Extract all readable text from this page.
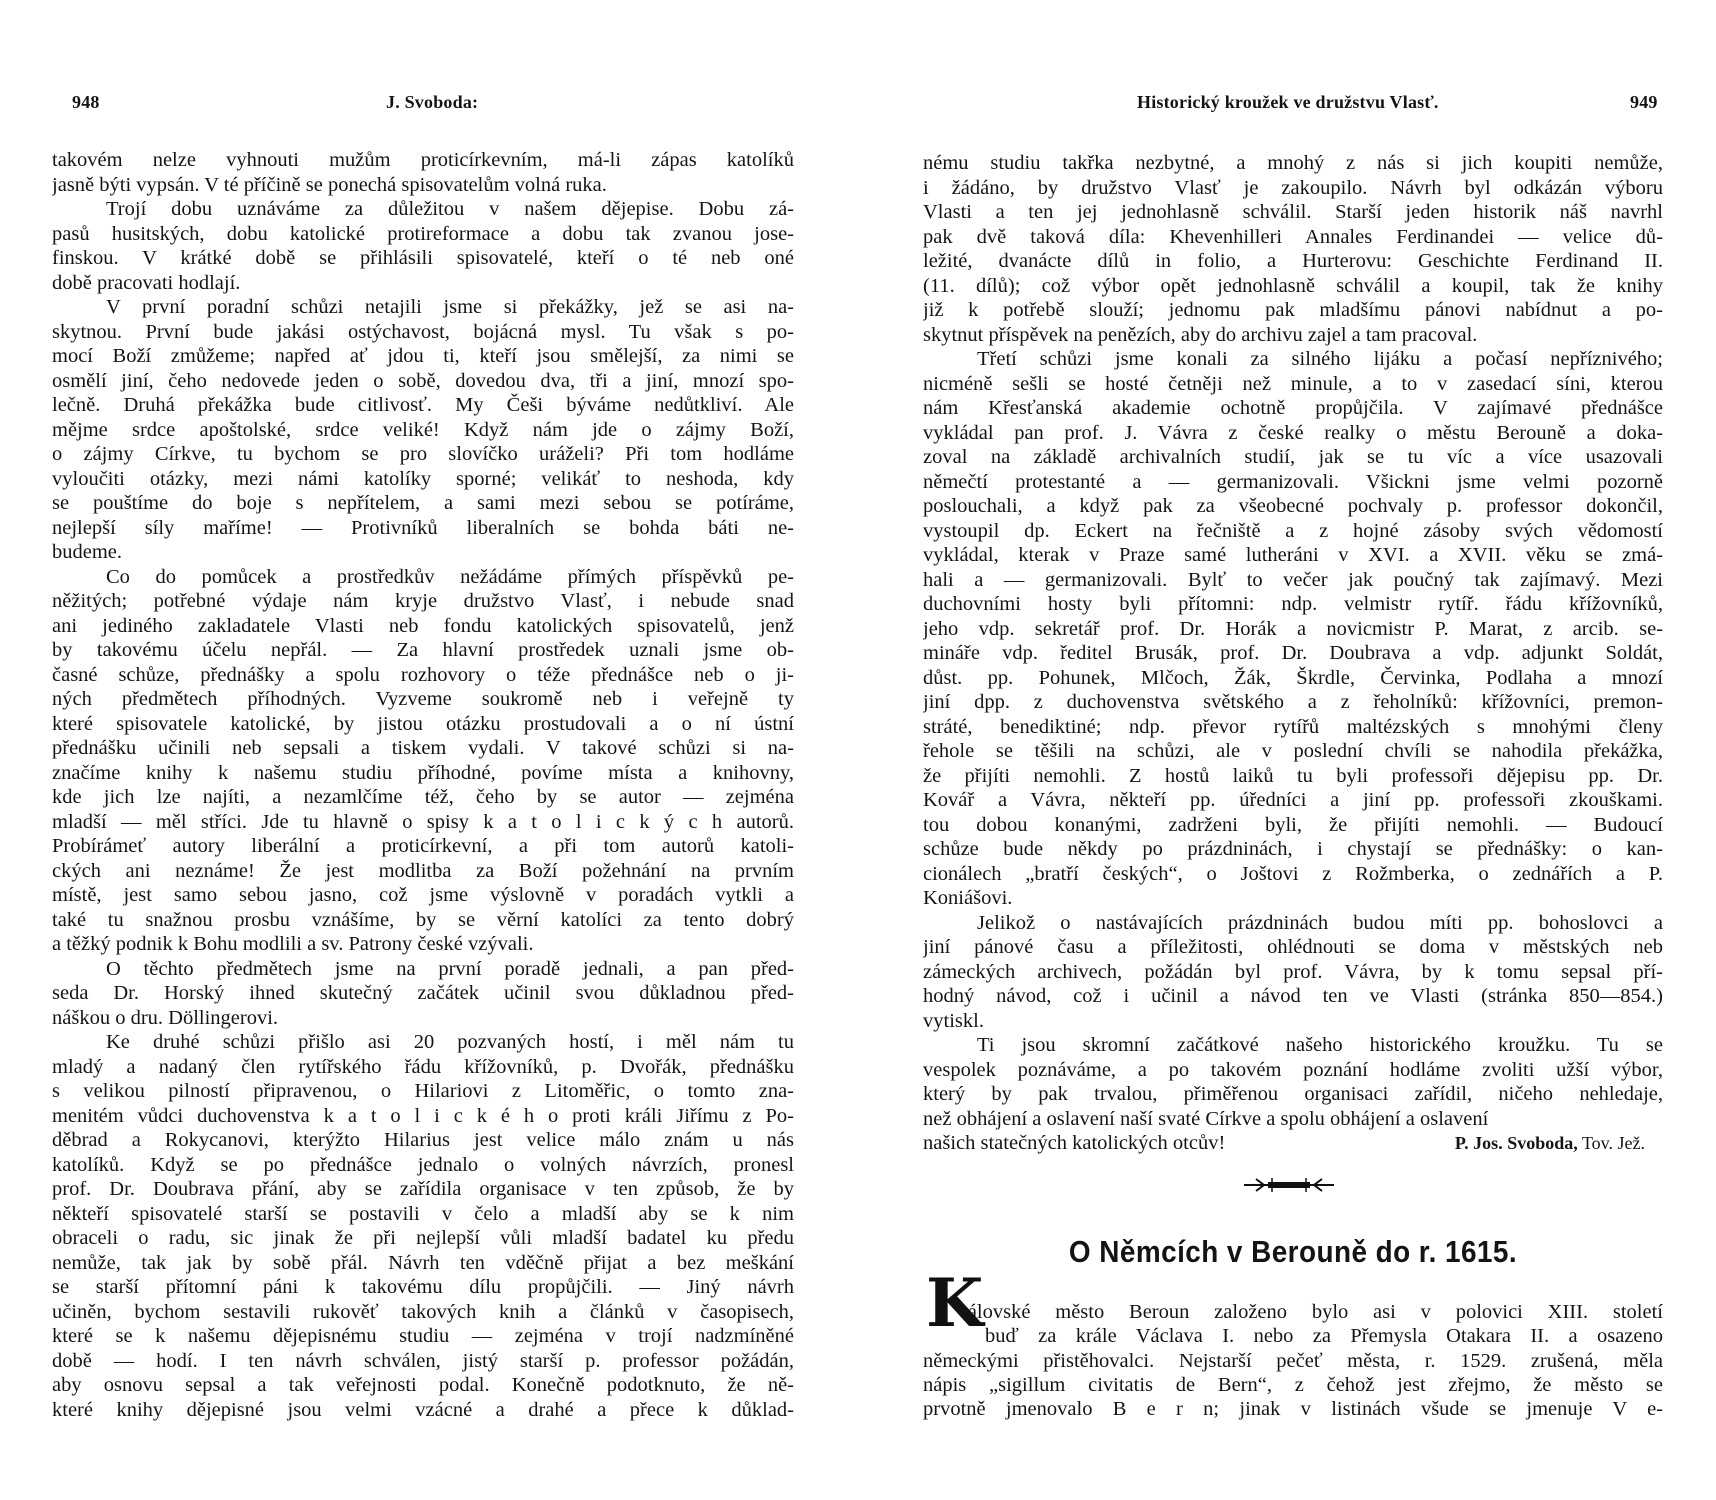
948	J. Svoboda:	Historický kroužek ve družstvu Vlasť.	949
takovém nelze vyhnouti mužům proticírkevním, má-li zápas katolíků
jasně býti vypsán. V té příčině se ponechá spisovatelům volná ruka.
Trojí dobu uznáváme za důležitou v našem dějepise. Dobu zá-
pasů husitských, dobu katolické protireformace a dobu tak zvanou jose-
finskou. V krátké době se přihlásili spisovatelé, kteří o té neb oné
době pracovati hodlají.
V první poradní schůzi netajili jsme si překážky, jež se asi na-
skytnou. První bude jakási ostýchavost, bojácná mysl. Tu však s po-
mocí Boží zmůžeme; napřed ať jdou ti, kteří jsou smělejší, za nimi se
osmělí jiní, čeho nedovede jeden o sobě, dovedou dva, tři a jiní, mnozí spo-
lečně. Druhá překážka bude citlivosť. My Češi býváme nedůtkliví. Ale
mějme srdce apoštolské, srdce veliké! Když nám jde o zájmy Boží,
o zájmy Církve, tu bychom se pro slovíčko uráželi? Při tom hodláme
vyloučiti otázky, mezi námi katolíky sporné; velikáť to neshoda, kdy
se pouštíme do boje s nepřítelem, a sami mezi sebou se potíráme,
nejlepší síly maříme! — Protivníků liberalních se bohda báti ne-
budeme.
Co do pomůcek a prostředkův nežádáme přímých příspěvků pe-
něžitých; potřebné výdaje nám kryje družstvo Vlasť, i nebude snad
ani jediného zakladatele Vlasti neb fondu katolických spisovatelů, jenž
by takovému účelu nepřál. — Za hlavní prostředek uznali jsme ob-
časné schůze, přednášky a spolu rozhovory o téže přednášce neb o ji-
ných předmětech příhodných. Vyzveme soukromě neb i veřejně ty
které spisovatele katolické, by jistou otázku prostudovali a o ní ústní
přednášku učinili neb sepsali a tiskem vydali. V takové schůzi si na-
značíme knihy k našemu studiu příhodné, povíme místa a knihovny,
kde jich lze najíti, a nezamlčíme též, čeho by se autor — zejména
mladší — měl stříci. Jde tu hlavně o spisy k a t o l i c k ý c h autorů.
Probírámeť autory liberální a proticírkevní, a při tom autorů katoli-
ckých ani neznáme! Že jest modlitba za Boží požehnání na prvním
místě, jest samo sebou jasno, což jsme výslovně v poradách vytkli a
také tu snažnou prosbu vznášíme, by se věrní katolíci za tento dobrý
a těžký podnik k Bohu modlili a sv. Patrony české vzývali.
O těchto předmětech jsme na první poradě jednali, a pan před-
seda Dr. Horský ihned skutečný začátek učinil svou důkladnou před-
náškou o dru. Döllingerovi.
Ke druhé schůzi přišlo asi 20 pozvaných hostí, i měl nám tu
mladý a nadaný člen rytířského řádu křížovníků, p. Dvořák, přednášku
s velikou pilností připravenou, o Hilariovi z Litoměřic, o tomto zna-
menitém vůdci duchovenstva k a t o l i c k é h o proti králi Jiřímu z Po-
děbrad a Rokycanovi, kterýžto Hilarius jest velice málo znám u nás
katolíků. Když se po přednášce jednalo o volných návrzích, pronesl
prof. Dr. Doubrava přání, aby se zařídila organisace v ten způsob, že by
někteří spisovatelé starší se postavili v čelo a mladší aby se k nim
obraceli o radu, sic jinak že při nejlepší vůli mladší badatel ku předu
nemůže, tak jak by sobě přál. Návrh ten vděčně přijat a bez meškání
se starší přítomní páni k takovému dílu propůjčili. — Jiný návrh
učiněn, bychom sestavili rukověť takových knih a článků v časopisech,
které se k našemu dějepisnému studiu — zejména v trojí nadzmíněné
době — hodí. I ten návrh schválen, jistý starší p. professor požádán,
aby osnovu sepsal a tak veřejnosti podal. Konečně podotknuto, že ně-
které knihy dějepisné jsou velmi vzácné a drahé a přece k důklad-
nému studiu takřka nezbytné, a mnohý z nás si jich koupiti nemůže,
i žádáno, by družstvo Vlasť je zakoupilo. Návrh byl odkázán výboru
Vlasti a ten jej jednohlasně schválil. Starší jeden historik náš navrhl
pak dvě taková díla: Khevenhilleri Annales Ferdinandei — velice dů-
ležité, dvanácte dílů in folio, a Hurterovu: Geschichte Ferdinand II.
(11. dílů); což výbor opět jednohlasně schválil a koupil, tak že knihy
již k potřebě slouží; jednomu pak mladšímu pánovi nabídnut a po-
skytnut příspěvek na penězích, aby do archivu zajel a tam pracoval.
Třetí schůzi jsme konali za silného lijáku a počasí nepříznivého;
nicméně sešli se hosté četněji než minule, a to v zasedací síni, kterou
nám Křesťanská akademie ochotně propůjčila. V zajímavé přednášce
vykládal pan prof. J. Vávra z české realky o městu Berouně a doka-
zoval na základě archivalních studií, jak se tu víc a více usazovali
němečtí protestanté a — germanizovali. Všickni jsme velmi pozorně
poslouchali, a když pak za všeobecné pochvaly p. professor dokončil,
vystoupil dp. Eckert na řečniště a z hojné zásoby svých vědomostí
vykládal, kterak v Praze samé lutheráni v XVI. a XVII. věku se zmá-
hali a — germanizovali. Bylť to večer jak poučný tak zajímavý. Mezi
duchovními hosty byli přítomni: ndp. velmistr rytíř. řádu křížovníků,
jeho vdp. sekretář prof. Dr. Horák a novicmistr P. Marat, z arcib. se-
mináře vdp. ředitel Brusák, prof. Dr. Doubrava a vdp. adjunkt Soldát,
důst. pp. Pohunek, Mlčoch, Žák, Škrdle, Červinka, Podlaha a mnozí
jiní dpp. z duchovenstva světského a z řeholníků: křížovníci, premon-
stráté, benediktiné; ndp. převor rytířů maltézských s mnohými členy
řehole se těšili na schůzi, ale v poslední chvíli se nahodila překážka,
že přijíti nemohli. Z hostů laiků tu byli professoři dějepisu pp. Dr.
Kovář a Vávra, někteří pp. úředníci a jiní pp. professoři zkouškami.
tou dobou konanými, zadrženi byli, že přijíti nemohli. — Budoucí
schůze bude někdy po prázdninách, i chystají se přednášky: o kan-
cionálech „bratří českých“, o Joštovi z Rožmberka, o zednářích a P.
Koniášovi.
Jelikož o nastávajících prázdninách budou míti pp. bohoslovci a
jiní pánové času a příležitosti, ohlédnouti se doma v městských neb
zámeckých archivech, požádán byl prof. Vávra, by k tomu sepsal pří-
hodný návod, což i učinil a návod ten ve Vlasti (stránka 850—854.)
vytiskl.
Ti jsou skromní začátkové našeho historického kroužku. Tu se
vespolek poznáváme, a po takovém poznání hodláme zvoliti užší výbor,
který by pak trvalou, přiměřenou organisaci zařídil, ničeho nehledaje,
než obhájení a oslavení naší svaté Církve a spolu obhájení a oslavení
našich statečných katolických otcův!	P. Jos. Svoboda, Tov. Jež.
O Němcích v Berouně do r. 1615.
K
rálovské město Beroun založeno bylo asi v polovici XIII. století
buď za krále Václava I. nebo za Přemysla Otakara II. a osazeno
německými přistěhovalci. Nejstarší pečeť města, r. 1529. zrušená, měla
nápis „sigillum civitatis de Bern“, z čehož jest zřejmo, že město se
prvotně jmenovalo B e r n; jinak v listinách všude se jmenuje V e-
